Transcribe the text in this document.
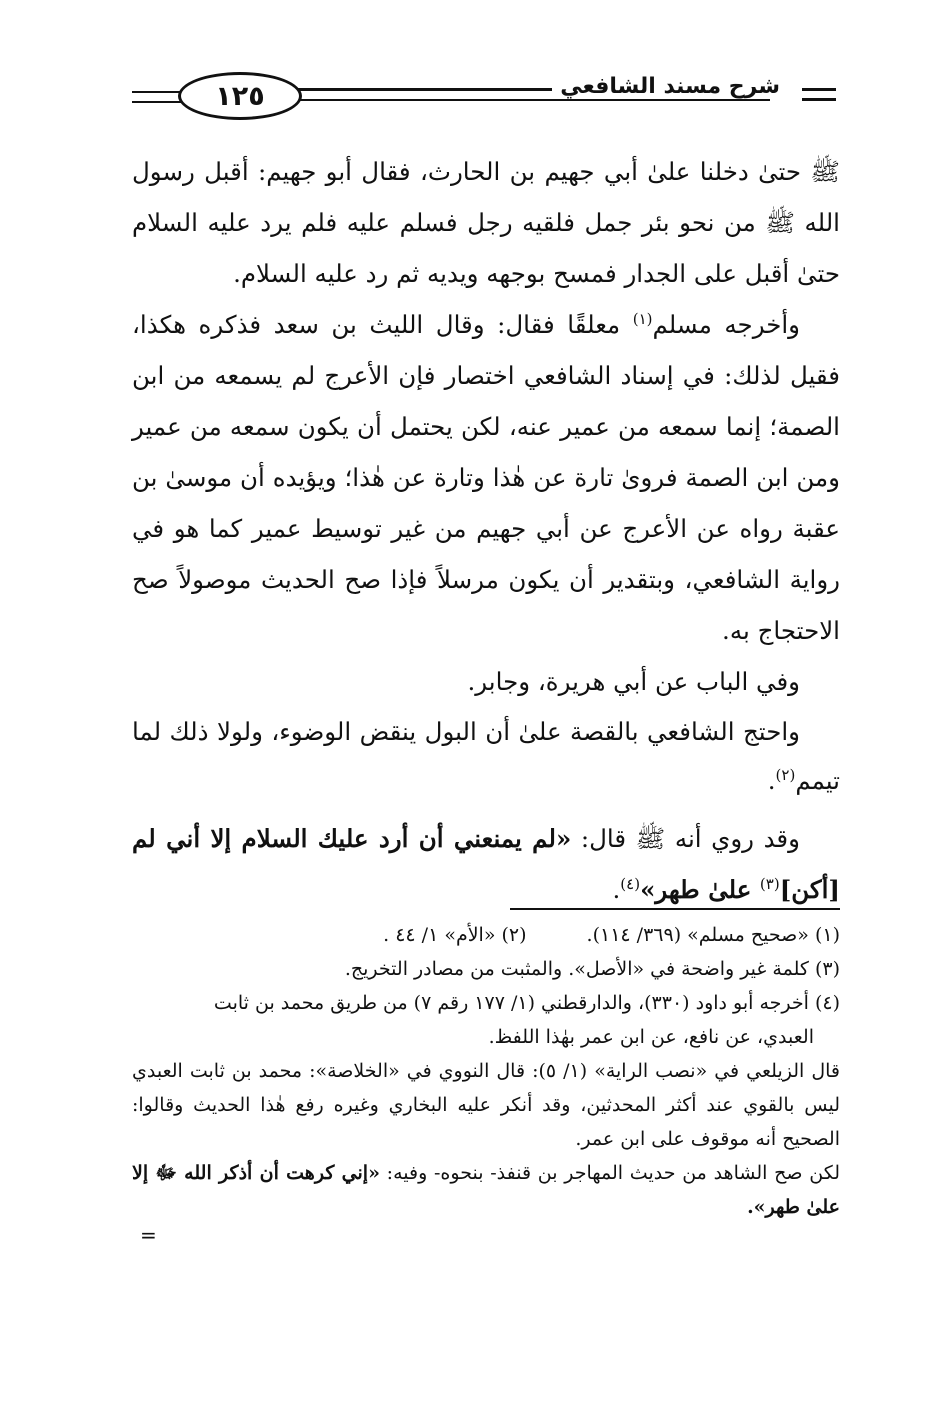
١٢٥	شرح مسند الشافعي

ﷺ حتىٰ دخلنا علىٰ أبي جهيم بن الحارث، فقال أبو جهيم: أقبل رسول الله ﷺ من نحو بئر جمل فلقيه رجل فسلم عليه فلم يرد عليه السلام حتىٰ أقبل على الجدار فمسح بوجهه ويديه ثم رد عليه السلام.

وأخرجه مسلم$^{(١)}$ معلقًا فقال: وقال الليث بن سعد فذكره هكذا، فقيل لذلك: في إسناد الشافعي اختصار فإن الأعرج لم يسمعه من ابن الصمة؛ إنما سمعه من عمير عنه، لكن يحتمل أن يكون سمعه من عمير ومن ابن الصمة فروىٰ تارة عن هٰذا وتارة عن هٰذا؛ ويؤيده أن موسىٰ بن عقبة رواه عن الأعرج عن أبي جهيم من غير توسيط عمير كما هو في رواية الشافعي، وبتقدير أن يكون مرسلاً فإذا صح الحديث موصولاً صح الاحتجاج به.

وفي الباب عن أبي هريرة، وجابر.

واحتج الشافعي بالقصة علىٰ أن البول ينقض الوضوء، ولولا ذلك لما تيمم$^{(٢)}$.

وقد روي أنه ﷺ قال: «لم يمنعني أن أرد عليك السلام إلا أني لم [أكن]$^{(٣)}$ علىٰ طهر»$^{(٤)}$.

(١) «صحيح مسلم» (٣٦٩/ ١١٤).
(٢) «الأم» ١/ ٤٤ .

(٣) كلمة غير واضحة في «الأصل». والمثبت من مصادر التخريج.

(٤) أخرجه أبو داود (٣٣٠)، والدارقطني (١/ ١٧٧ رقم ٧) من طريق محمد بن ثابت

العبدي، عن نافع، عن ابن عمر بهٰذا اللفظ.

قال الزيلعي في «نصب الراية» (١/ ٥): قال النووي في «الخلاصة»: محمد بن ثابت العبدي ليس بالقوي عند أكثر المحدثين، وقد أنكر عليه البخاري وغيره رفع هٰذا الحديث وقالوا: الصحيح أنه موقوف على ابن عمر.

لكن صح الشاهد من حديث المهاجر بن قنفذ- بنحوه- وفيه: «إني كرهت أن أذكر الله ﷻ إلا علىٰ طهر».

=
